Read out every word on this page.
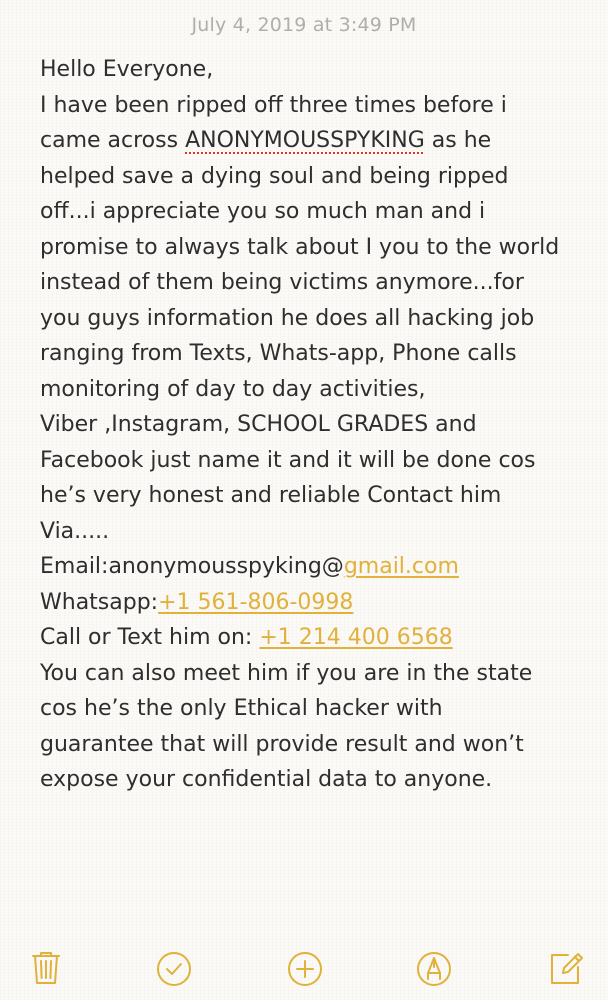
July 4, 2019 at 3:49 PM
Hello Everyone,
I have been ripped off three times before i
came across ANONYMOUSSPYKING as he
helped save a dying soul and being ripped
off...i appreciate you so much man and i
promise to always talk about I you to the world
instead of them being victims anymore...for
you guys information he does all hacking job
ranging from Texts, Whats-app, Phone calls
monitoring of day to day activities,
Viber ,Instagram, SCHOOL GRADES and
Facebook just name it and it will be done cos
he’s very honest and reliable Contact him
Via.....
Email:anonymousspyking@gmail.com
Whatsapp:+1 561-806-0998
Call or Text him on: +1 214 400 6568
You can also meet him if you are in the state
cos he’s the only Ethical hacker with
guarantee that will provide result and won’t
expose your confidential data to anyone.
